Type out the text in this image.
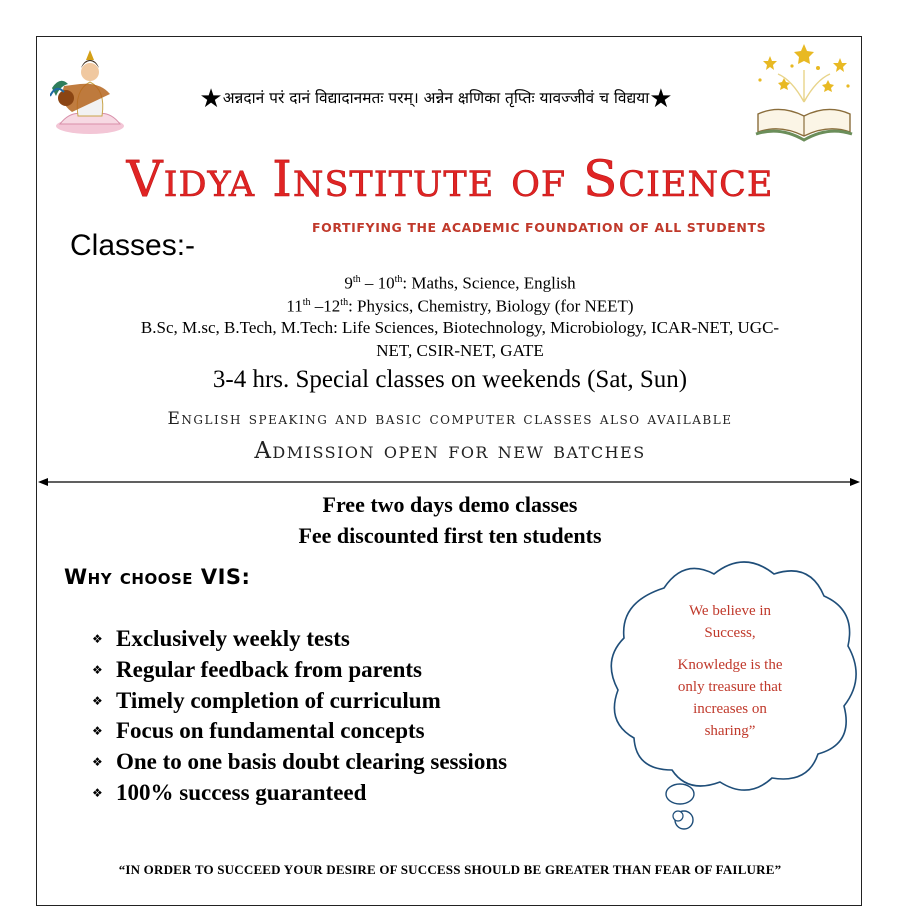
★अन्नदानं परं दानं विद्यादानमतः परम्। अन्नेन क्षणिका तृप्तिः यावज्जीवं च विद्यया★
Vidya Institute of Science
FORTIFYING THE ACADEMIC FOUNDATION OF ALL STUDENTS
Classes:-
9th – 10th: Maths, Science, English
11th –12th: Physics, Chemistry, Biology (for NEET)
B.Sc, M.sc, B.Tech, M.Tech: Life Sciences, Biotechnology, Microbiology, ICAR-NET, UGC-
NET, CSIR-NET, GATE
3-4 hrs. Special classes on weekends (Sat, Sun)
English speaking and basic computer classes also available
Admission open for new batches
Free two days demo classes
Fee discounted first ten students
Why choose VIS:
❖ Exclusively weekly tests
❖ Regular feedback from parents
❖ Timely completion of curriculum
❖ Focus on fundamental concepts
❖ One to one basis doubt clearing sessions
❖ 100% success guaranteed

We believe in

Success,

Knowledge is the

only treasure that

increases on

sharing”

“IN ORDER TO SUCCEED YOUR DESIRE OF SUCCESS SHOULD BE GREATER THAN FEAR OF FAILURE”
